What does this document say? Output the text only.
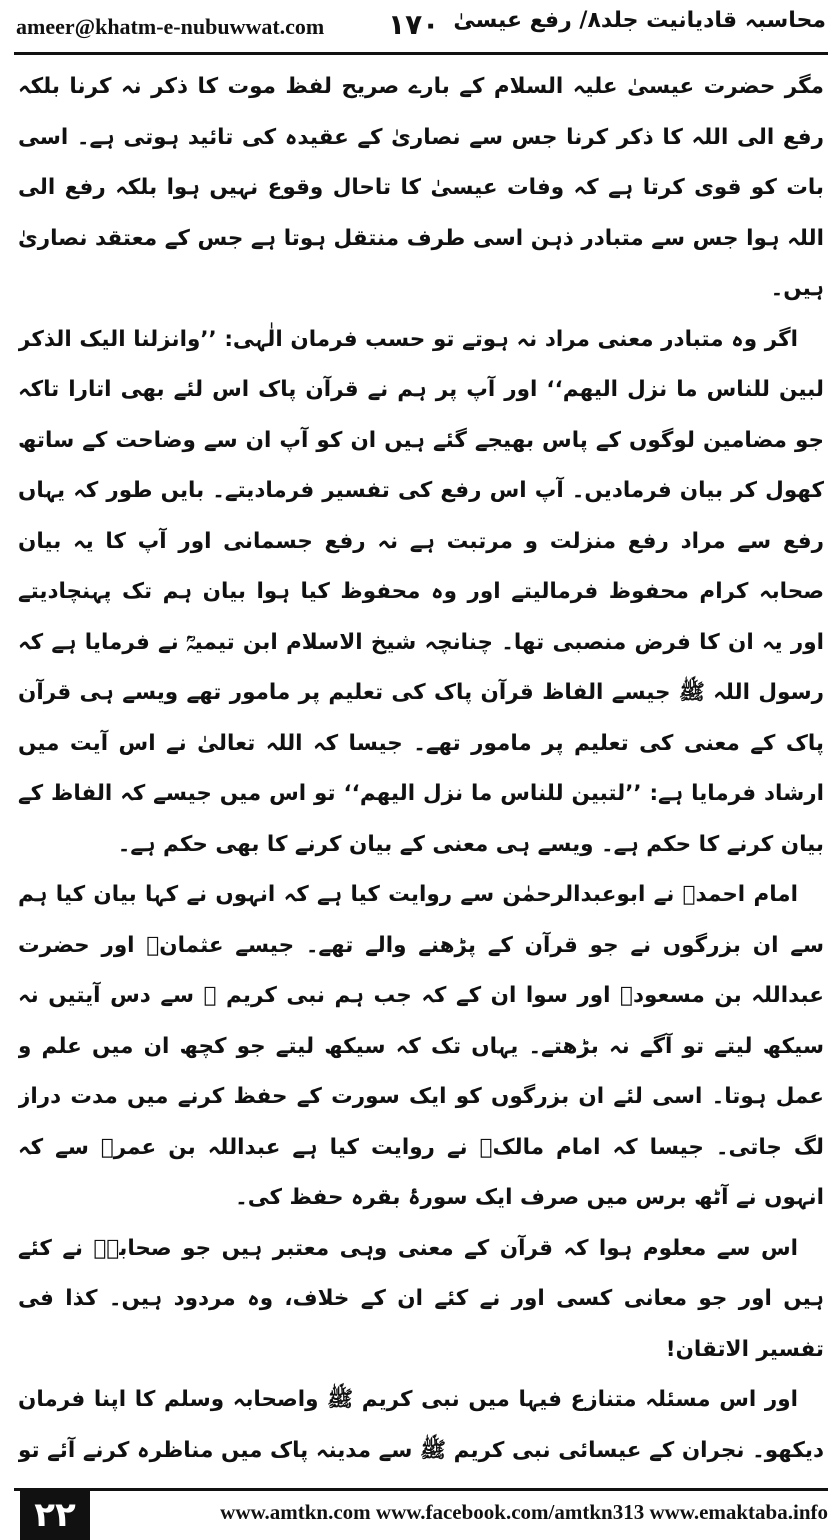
ameer@khatm-e-nubuwwat.com ۱۷۰ محاسبہ قادیانیت جلد۸/ رفع عیسیٰ

مگر حضرت عیسیٰ علیہ السلام کے بارے صریح لفظ موت کا ذکر نہ کرنا بلکہ رفع الی اللہ کا ذکر کرنا جس سے نصاریٰ کے عقیدہ کی تائید ہوتی ہے۔ اسی بات کو قوی کرتا ہے کہ وفات عیسیٰ کا تاحال وقوع نہیں ہوا بلکہ رفع الی اللہ ہوا جس سے متبادر ذہن اسی طرف منتقل ہوتا ہے جس کے معتقد نصاریٰ ہیں۔

اگر وہ متبادر معنی مراد نہ ہوتے تو حسب فرمان الٰہی: ’’وانزلنا الیک الذکر لبین للناس ما نزل الیھم‘‘ اور آپ پر ہم نے قرآن پاک اس لئے بھی اتارا تاکہ جو مضامین لوگوں کے پاس بھیجے گئے ہیں ان کو آپ ان سے وضاحت کے ساتھ کھول کر بیان فرمادیں۔ آپ اس رفع کی تفسیر فرمادیتے۔ بایں طور کہ یہاں رفع سے مراد رفع منزلت و مرتبت ہے نہ رفع جسمانی اور آپ کا یہ بیان صحابہ کرام محفوظ فرمالیتے اور وہ محفوظ کیا ہوا بیان ہم تک پہنچادیتے اور یہ ان کا فرض منصبی تھا۔ چنانچہ شیخ الاسلام ابن تیمیہؒ نے فرمایا ہے کہ رسول اللہ ﷺ جیسے الفاظ قرآن پاک کی تعلیم پر مامور تھے ویسے ہی قرآن پاک کے معنی کی تعلیم پر مامور تھے۔ جیسا کہ اللہ تعالیٰ نے اس آیت میں ارشاد فرمایا ہے: ’’لتبین للناس ما نزل الیھم‘‘ تو اس میں جیسے کہ الفاظ کے بیان کرنے کا حکم ہے۔ ویسے ہی معنی کے بیان کرنے کا بھی حکم ہے۔

امام احمدؒ نے ابوعبدالرحمٰن سے روایت کیا ہے کہ انہوں نے کہا بیان کیا ہم سے ان بزرگوں نے جو قرآن کے پڑھنے والے تھے۔ جیسے عثمانؓ اور حضرت عبداللہ بن مسعودؓ اور سوا ان کے کہ جب ہم نبی کریم ﷺ سے دس آیتیں نہ سیکھ لیتے تو آگے نہ بڑھتے۔ یہاں تک کہ سیکھ لیتے جو کچھ ان میں علم و عمل ہوتا۔ اسی لئے ان بزرگوں کو ایک سورت کے حفظ کرنے میں مدت دراز لگ جاتی۔ جیسا کہ امام مالکؒ نے روایت کیا ہے عبداللہ بن عمرؓ سے کہ انہوں نے آٹھ برس میں صرف ایک سورۂ بقرہ حفظ کی۔

اس سے معلوم ہوا کہ قرآن کے معنی وہی معتبر ہیں جو صحابہؓ نے کئے ہیں اور جو معانی کسی اور نے کئے ان کے خلاف، وہ مردود ہیں۔ کذا فی تفسیر الاتقان!

اور اس مسئلہ متنازع فیہا میں نبی کریم ﷺ واصحابہ وسلم کا اپنا فرمان دیکھو۔ نجران کے عیسائی نبی کریم ﷺ سے مدینہ پاک میں مناظرہ کرنے آئے تو

۲۲	www.amtkn.com www.facebook.com/amtkn313 www.emaktaba.info
